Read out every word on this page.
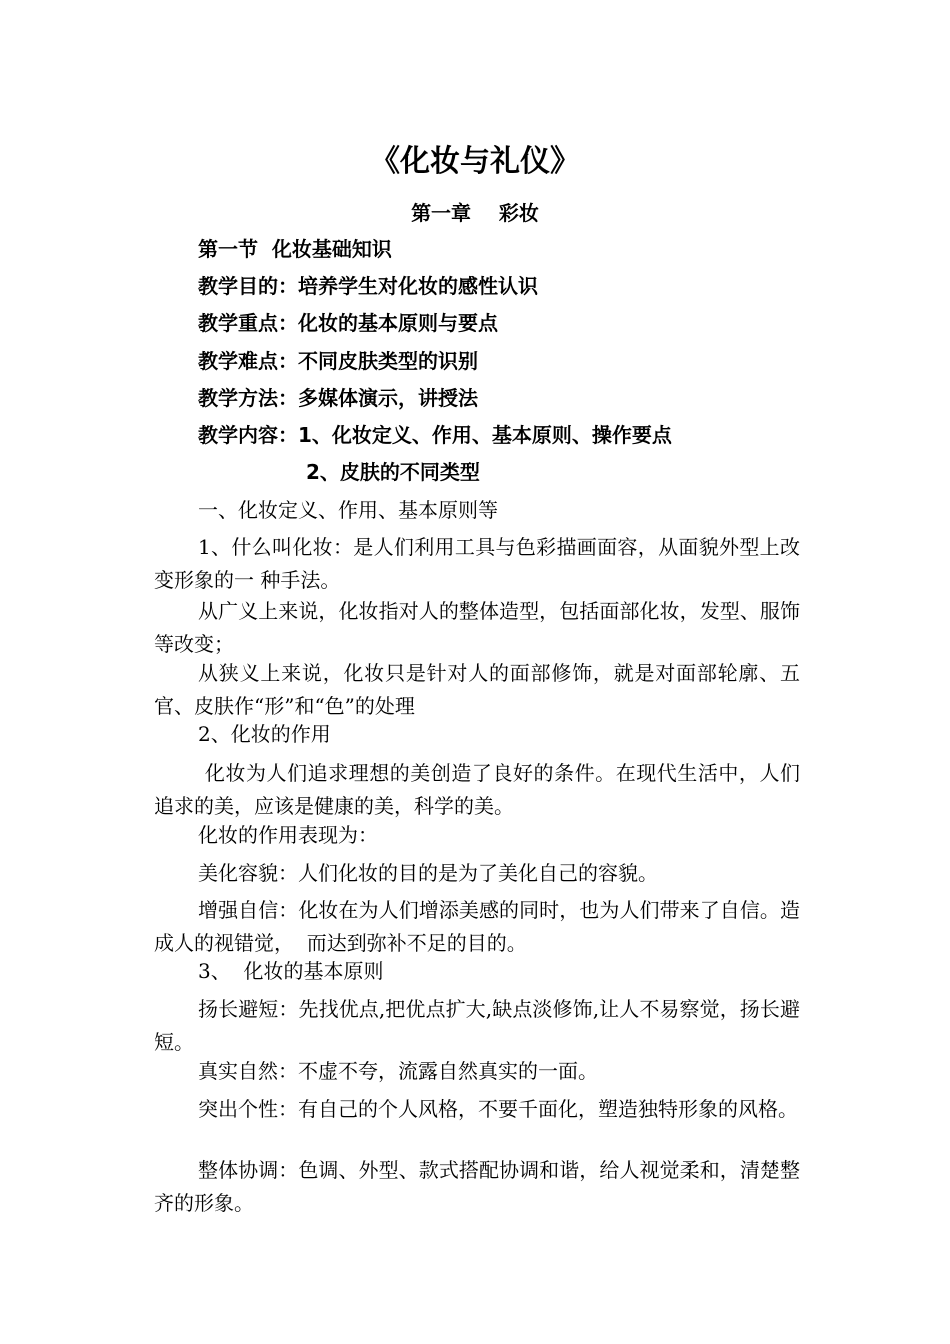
《化妆与礼仪》
第一章    彩妆
第一节  化妆基础知识
教学目的：培养学生对化妆的感性认识
教学重点：化妆的基本原则与要点
教学难点：不同皮肤类型的识别
教学方法：多媒体演示，讲授法
教学内容：1、化妆定义、作用、基本原则、操作要点
2、皮肤的不同类型

一、化妆定义、作用、基本原则等

1、什么叫化妆：是人们利用工具与色彩描画面容，从面貌外型上改变形象的一 种手法。

从广义上来说，化妆指对人的整体造型，包括面部化妆，发型、服饰等改变；

从狭义上来说，化妆只是针对人的面部修饰，就是对面部轮廓、五官、皮肤作“形”和“色”的处理

2、化妆的作用

化妆为人们追求理想的美创造了良好的条件。在现代生活中，人们追求的美，应该是健康的美，科学的美。

化妆的作用表现为：

美化容貌：人们化妆的目的是为了美化自己的容貌。

增强自信：化妆在为人们增添美感的同时，也为人们带来了自信。造成人的视错觉，  而达到弥补不足的目的。

3、  化妆的基本原则

扬长避短：先找优点,把优点扩大,缺点淡修饰,让人不易察觉，扬长避短。

真实自然：不虚不夸，流露自然真实的一面。

突出个性：有自己的个人风格，不要千面化，塑造独特形象的风格。

整体协调：色调、外型、款式搭配协调和谐，给人视觉柔和，清楚整齐的形象。
